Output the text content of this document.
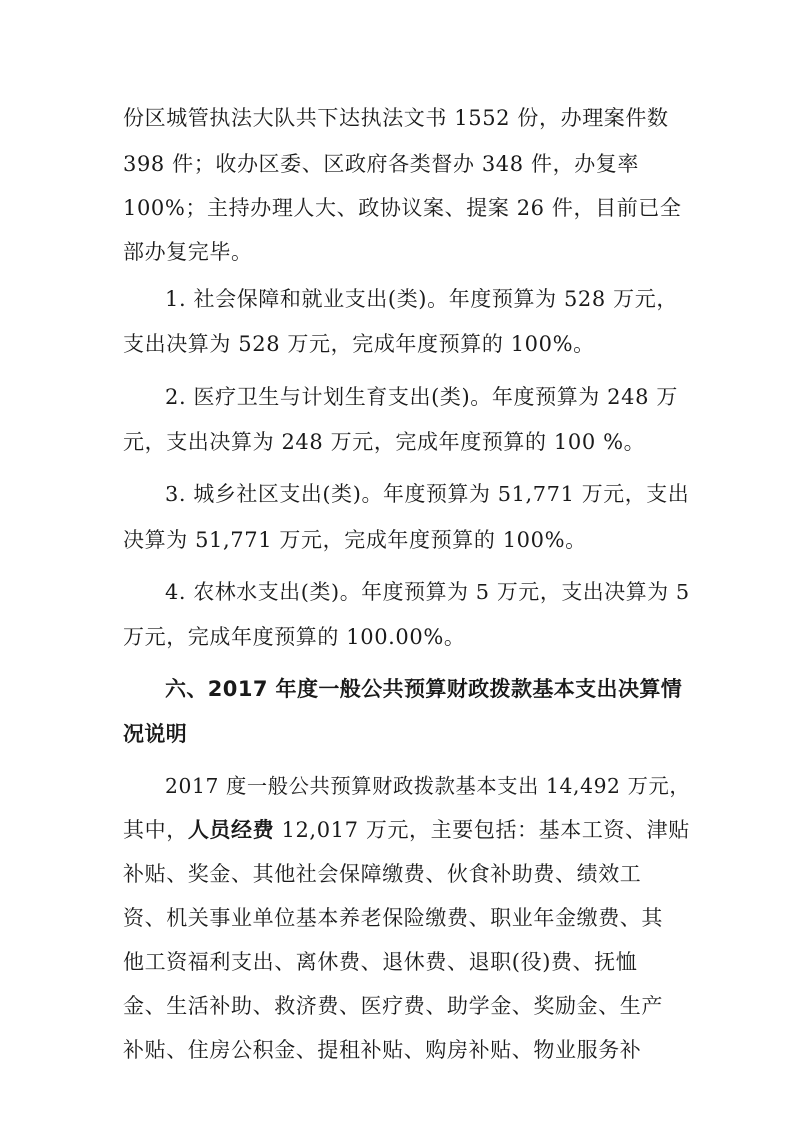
份区城管执法大队共下达执法文书 1552 份，办理案件数
398 件；收办区委、区政府各类督办 348 件，办复率
100%；主持办理人大、政协议案、提案 26 件，目前已全
部办复完毕。
1. 社会保障和就业支出(类)。年度预算为 528 万元，
支出决算为 528 万元，完成年度预算的 100%。
2. 医疗卫生与计划生育支出(类)。年度预算为 248 万
元，支出决算为 248 万元，完成年度预算的 100 %。
3. 城乡社区支出(类)。年度预算为 51,771 万元，支出
决算为 51,771 万元，完成年度预算的 100%。
4. 农林水支出(类)。年度预算为 5 万元，支出决算为 5
万元，完成年度预算的 100.00%。
六、2017 年度一般公共预算财政拨款基本支出决算情
况说明
2017 度一般公共预算财政拨款基本支出 14,492 万元，
其中，人员经费 12,017 万元，主要包括：基本工资、津贴
补贴、奖金、其他社会保障缴费、伙食补助费、绩效工
资、机关事业单位基本养老保险缴费、职业年金缴费、其
他工资福利支出、离休费、退休费、退职(役)费、抚恤
金、生活补助、救济费、医疗费、助学金、奖励金、生产
补贴、住房公积金、提租补贴、购房补贴、物业服务补
